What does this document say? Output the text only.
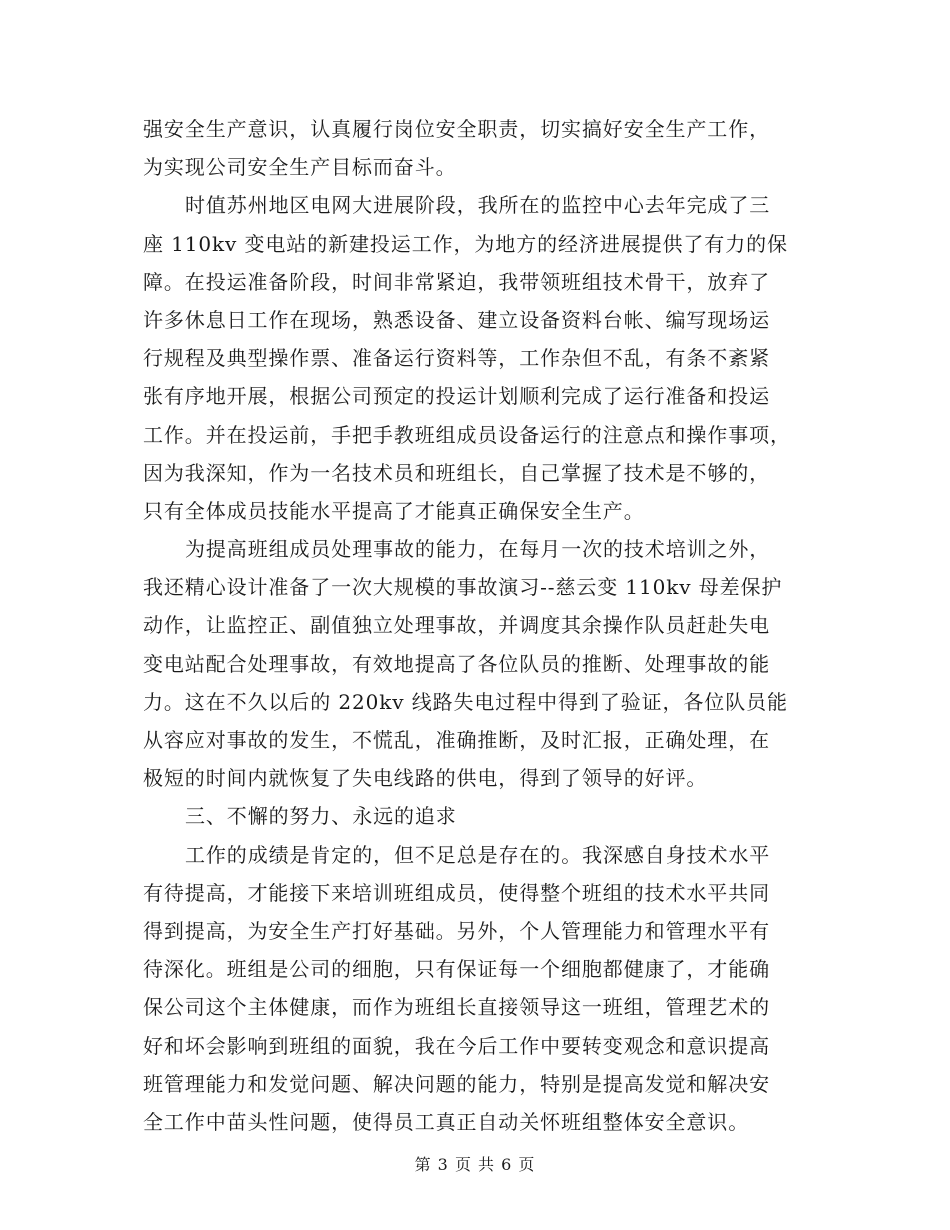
强安全生产意识，认真履行岗位安全职责，切实搞好安全生产工作，
为实现公司安全生产目标而奋斗。
时值苏州地区电网大进展阶段，我所在的监控中心去年完成了三
座 110kv 变电站的新建投运工作，为地方的经济进展提供了有力的保
障。在投运准备阶段，时间非常紧迫，我带领班组技术骨干，放弃了
许多休息日工作在现场，熟悉设备、建立设备资料台帐、编写现场运
行规程及典型操作票、准备运行资料等，工作杂但不乱，有条不紊紧
张有序地开展，根据公司预定的投运计划顺利完成了运行准备和投运
工作。并在投运前，手把手教班组成员设备运行的注意点和操作事项，
因为我深知，作为一名技术员和班组长，自己掌握了技术是不够的，
只有全体成员技能水平提高了才能真正确保安全生产。
为提高班组成员处理事故的能力，在每月一次的技术培训之外，
我还精心设计准备了一次大规模的事故演习--慈云变 110kv 母差保护
动作，让监控正、副值独立处理事故，并调度其余操作队员赶赴失电
变电站配合处理事故，有效地提高了各位队员的推断、处理事故的能
力。这在不久以后的 220kv 线路失电过程中得到了验证，各位队员能
从容应对事故的发生，不慌乱，准确推断，及时汇报，正确处理，在
极短的时间内就恢复了失电线路的供电，得到了领导的好评。
三、不懈的努力、永远的追求
工作的成绩是肯定的，但不足总是存在的。我深感自身技术水平
有待提高，才能接下来培训班组成员，使得整个班组的技术水平共同
得到提高，为安全生产打好基础。另外，个人管理能力和管理水平有
待深化。班组是公司的细胞，只有保证每一个细胞都健康了，才能确
保公司这个主体健康，而作为班组长直接领导这一班组，管理艺术的
好和坏会影响到班组的面貌，我在今后工作中要转变观念和意识提高
班管理能力和发觉问题、解决问题的能力，特别是提高发觉和解决安
全工作中苗头性问题，使得员工真正自动关怀班组整体安全意识。
第 3 页 共 6 页
